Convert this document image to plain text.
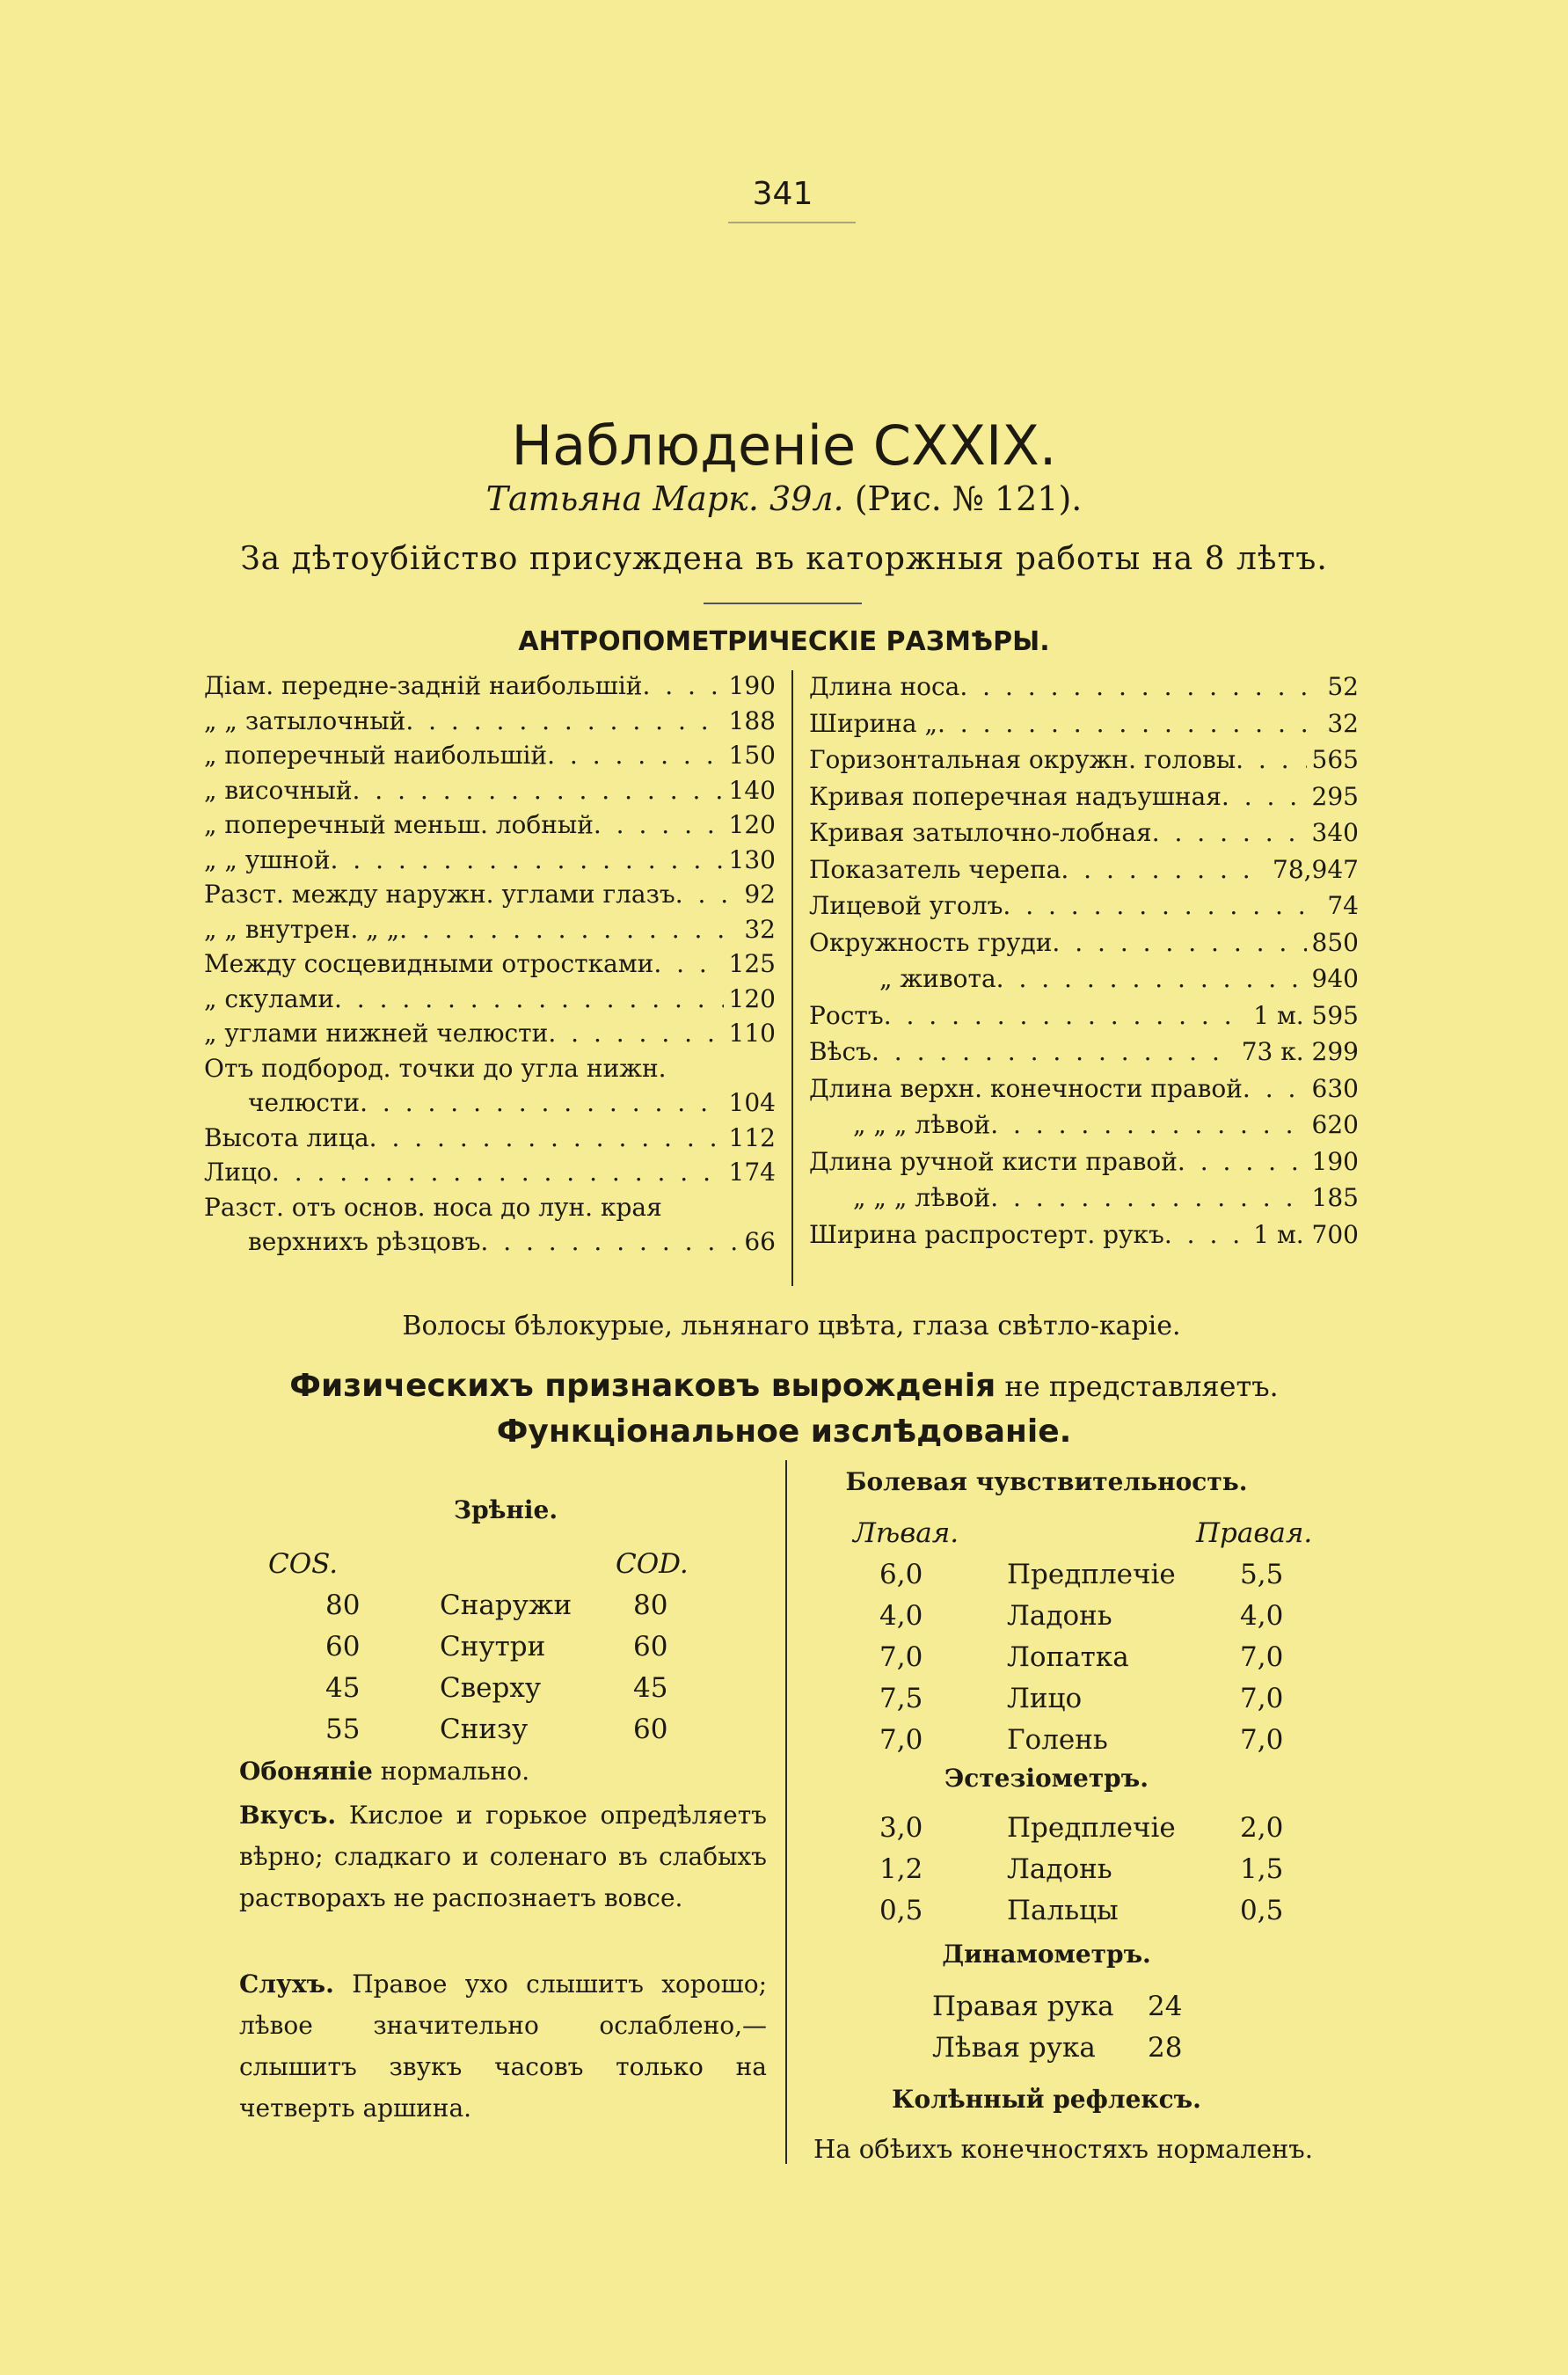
341
Наблюденіе CXXIX.
Татьяна Марк. 39л. (Рис. № 121).
За дѣтоубійство присуждена въ каторжныя работы на 8 лѣтъ.
АНТРОПОМЕТРИЧЕСКІЕ РАЗМѢРЫ.
Діам. передне-задній наибольшій . . .	190
„ „ затылочный . . .	188
„ поперечный наибольшій . . .	150
„ височный . . .	140
„ поперечный меньш. лобный . . .	120
„ „ ушной . . .	130
Разст. между наружн. углами глазъ . . .	92
„ „ внутрен. „ „ . . .	32
Между сосцевидными отростками . . .	125
„ скулами . . .	120
„ углами нижней челюсти . . .	110
Отъ подбород. точки до угла нижн.
челюсти . . .	104
Высота лица . . .	112
Лицо . . .	174
Разст. отъ основ. носа до лун. края
верхнихъ рѣзцовъ . . .	66
Длина носа . . .	52
Ширина „ . . .	32
Горизонтальная окружн. головы . . .	565
Кривая поперечная надъушная . . .	295
Кривая затылочно-лобная . . .	340
Показатель черепа . . .	78,947
Лицевой уголъ . . .	74
Окружность груди . . .	850
„ живота . . .	940
Ростъ . . .	1 м. 595
Вѣсъ . . .	73 к. 299
Длина верхн. конечности правой . . .	630
„ „ „ лѣвой . . .	620
Длина ручной кисти правой . . .	190
„ „ „ лѣвой . . .	185
Ширина распростерт. рукъ . . .	1 м. 700
Волосы бѣлокурые, льнянаго цвѣта, глаза свѣтло-каріе.
Физическихъ признаковъ вырожденія не представляетъ.
Функціональное изслѣдованіе.
Зрѣніе.
COS.	COD.
80	Снаружи 80
60	Снутри	60
45	Сверху	45
55	Снизу	60
Обоняніе нормально.
Вкусъ. Кислое и горькое опредѣляетъ вѣрно; сладкаго и соленаго въ слабыхъ растворахъ не распознаетъ вовсе.
Слухъ. Правое ухо слышитъ хорошо; лѣвое значительно ослаблено,— слышитъ звукъ часовъ только на четверть аршина.
Болевая чувствительность.
Лѣвая.	Правая.
6,0	Предплечіе 5,5
4,0	Ладонь	4,0
7,0	Лопатка	7,0
7,5	Лицо	7,0
7,0	Голень	7,0
Эстезіометръ.
3,0	Предплечіе 2,0
1,2	Ладонь	1,5
0,5	Пальцы	0,5
Динамометръ.
Правая рука 24
Лѣвая рука 28
Колѣнный рефлексъ.
На обѣихъ конечностяхъ нормаленъ.
